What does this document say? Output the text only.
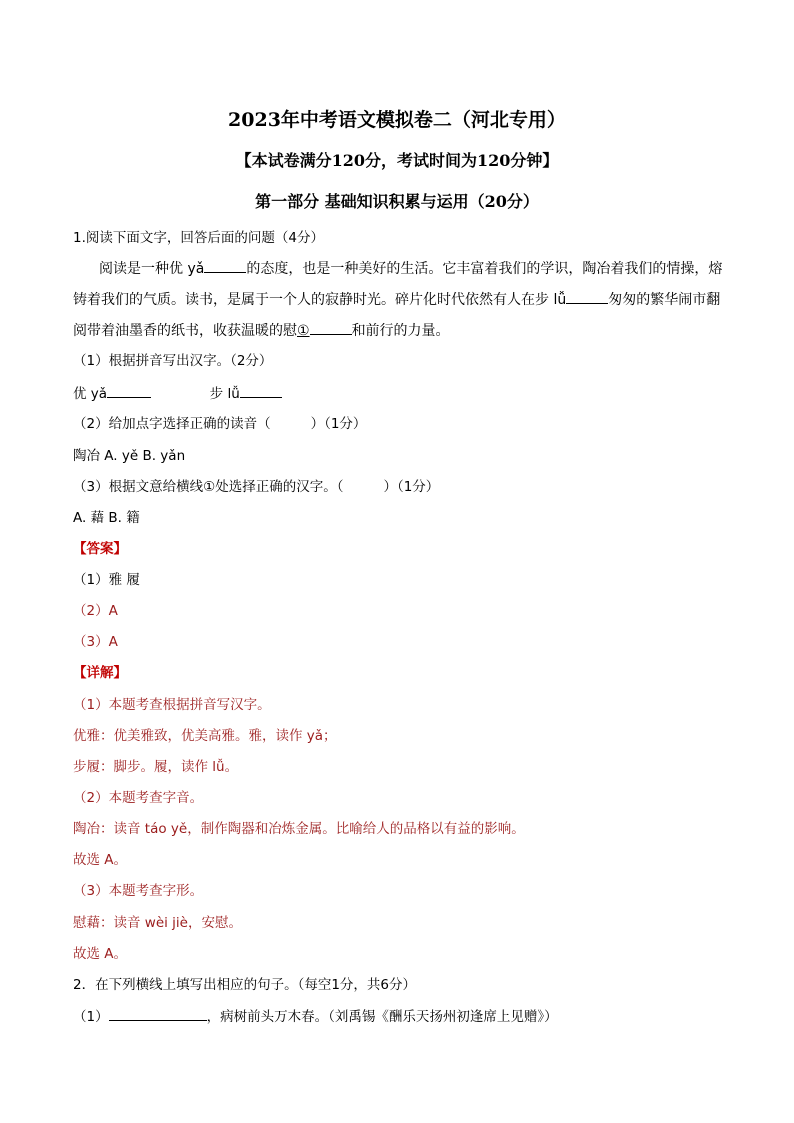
2023年中考语文模拟卷二（河北专用）
【本试卷满分120分，考试时间为120分钟】
第一部分 基础知识积累与运用（20分）
1.阅读下面文字，回答后面的问题（4分）
阅读是一种优 yǎ	的态度，也是一种美好的生活。它丰富着我们的学识，陶冶着我们的情操，熔
铸着我们的气质。读书，是属于一个人的寂静时光。碎片化时代依然有人在步 lǚ	匆匆的繁华闹市翻
阅带着油墨香的纸书，收获温暖的慰①	和前行的力量。
（1）根据拼音写出汉字。（2分）
优 yǎ	步 lǚ
（2）给加点字选择正确的读音（	）（1分）
陶冶 A. yě B. yǎn
（3）根据文意给横线①处选择正确的汉字。（	）（1分）
A. 藉 B. 籍
【答案】
（1）雅 履
（2）A
（3）A
【详解】
（1）本题考查根据拼音写汉字。
优雅：优美雅致，优美高雅。雅，读作 yǎ；
步履：脚步。履，读作 lǚ。
（2）本题考查字音。
陶冶：读音 táo yě，制作陶器和冶炼金属。比喻给人的品格以有益的影响。
故选 A。
（3）本题考查字形。
慰藉：读音 wèi jiè，安慰。
故选 A。
2．在下列横线上填写出相应的句子。（每空1分，共6分）
（1）	，病树前头万木春。（刘禹锡《酬乐天扬州初逢席上见赠》）
